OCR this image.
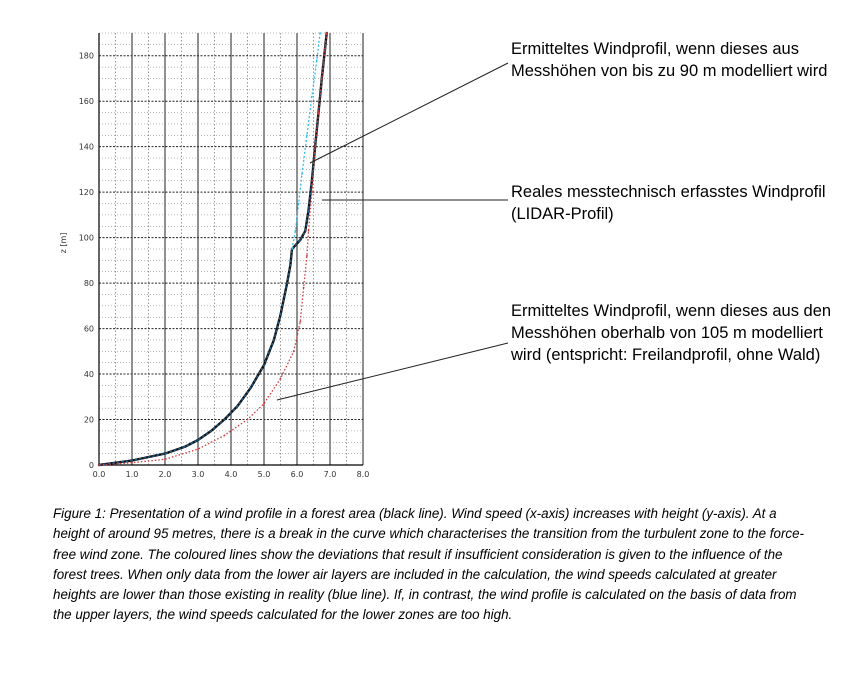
0.0	1.0	2.0	3.0	4.0	5.0	6.0	7.0	8.0
0
20
40
60
80
100
120
140
160
180
z [m]
Ermitteltes Windprofil, wenn dieses aus Messhöhen von bis zu 90 m modelliert wird
Reales messtechnisch erfasstes Windprofil (LIDAR-Profil)
Ermitteltes Windprofil, wenn dieses aus den Messhöhen oberhalb von 105 m modelliert wird (entspricht: Freilandprofil, ohne Wald)

Figure 1: Presentation of a wind profile in a forest area (black line). Wind speed (x-axis) increases with height (y-axis). At a height of around 95 metres, there is a break in the curve which characterises the transition from the turbulent zone to the force-free wind zone. The coloured lines show the deviations that result if insufficient consideration is given to the influence of the forest trees. When only data from the lower air layers are included in the calculation, the wind speeds calculated at greater heights are lower than those existing in reality (blue line). If, in contrast, the wind profile is calculated on the basis of data from the upper layers, the wind speeds calculated for the lower zones are too high.
